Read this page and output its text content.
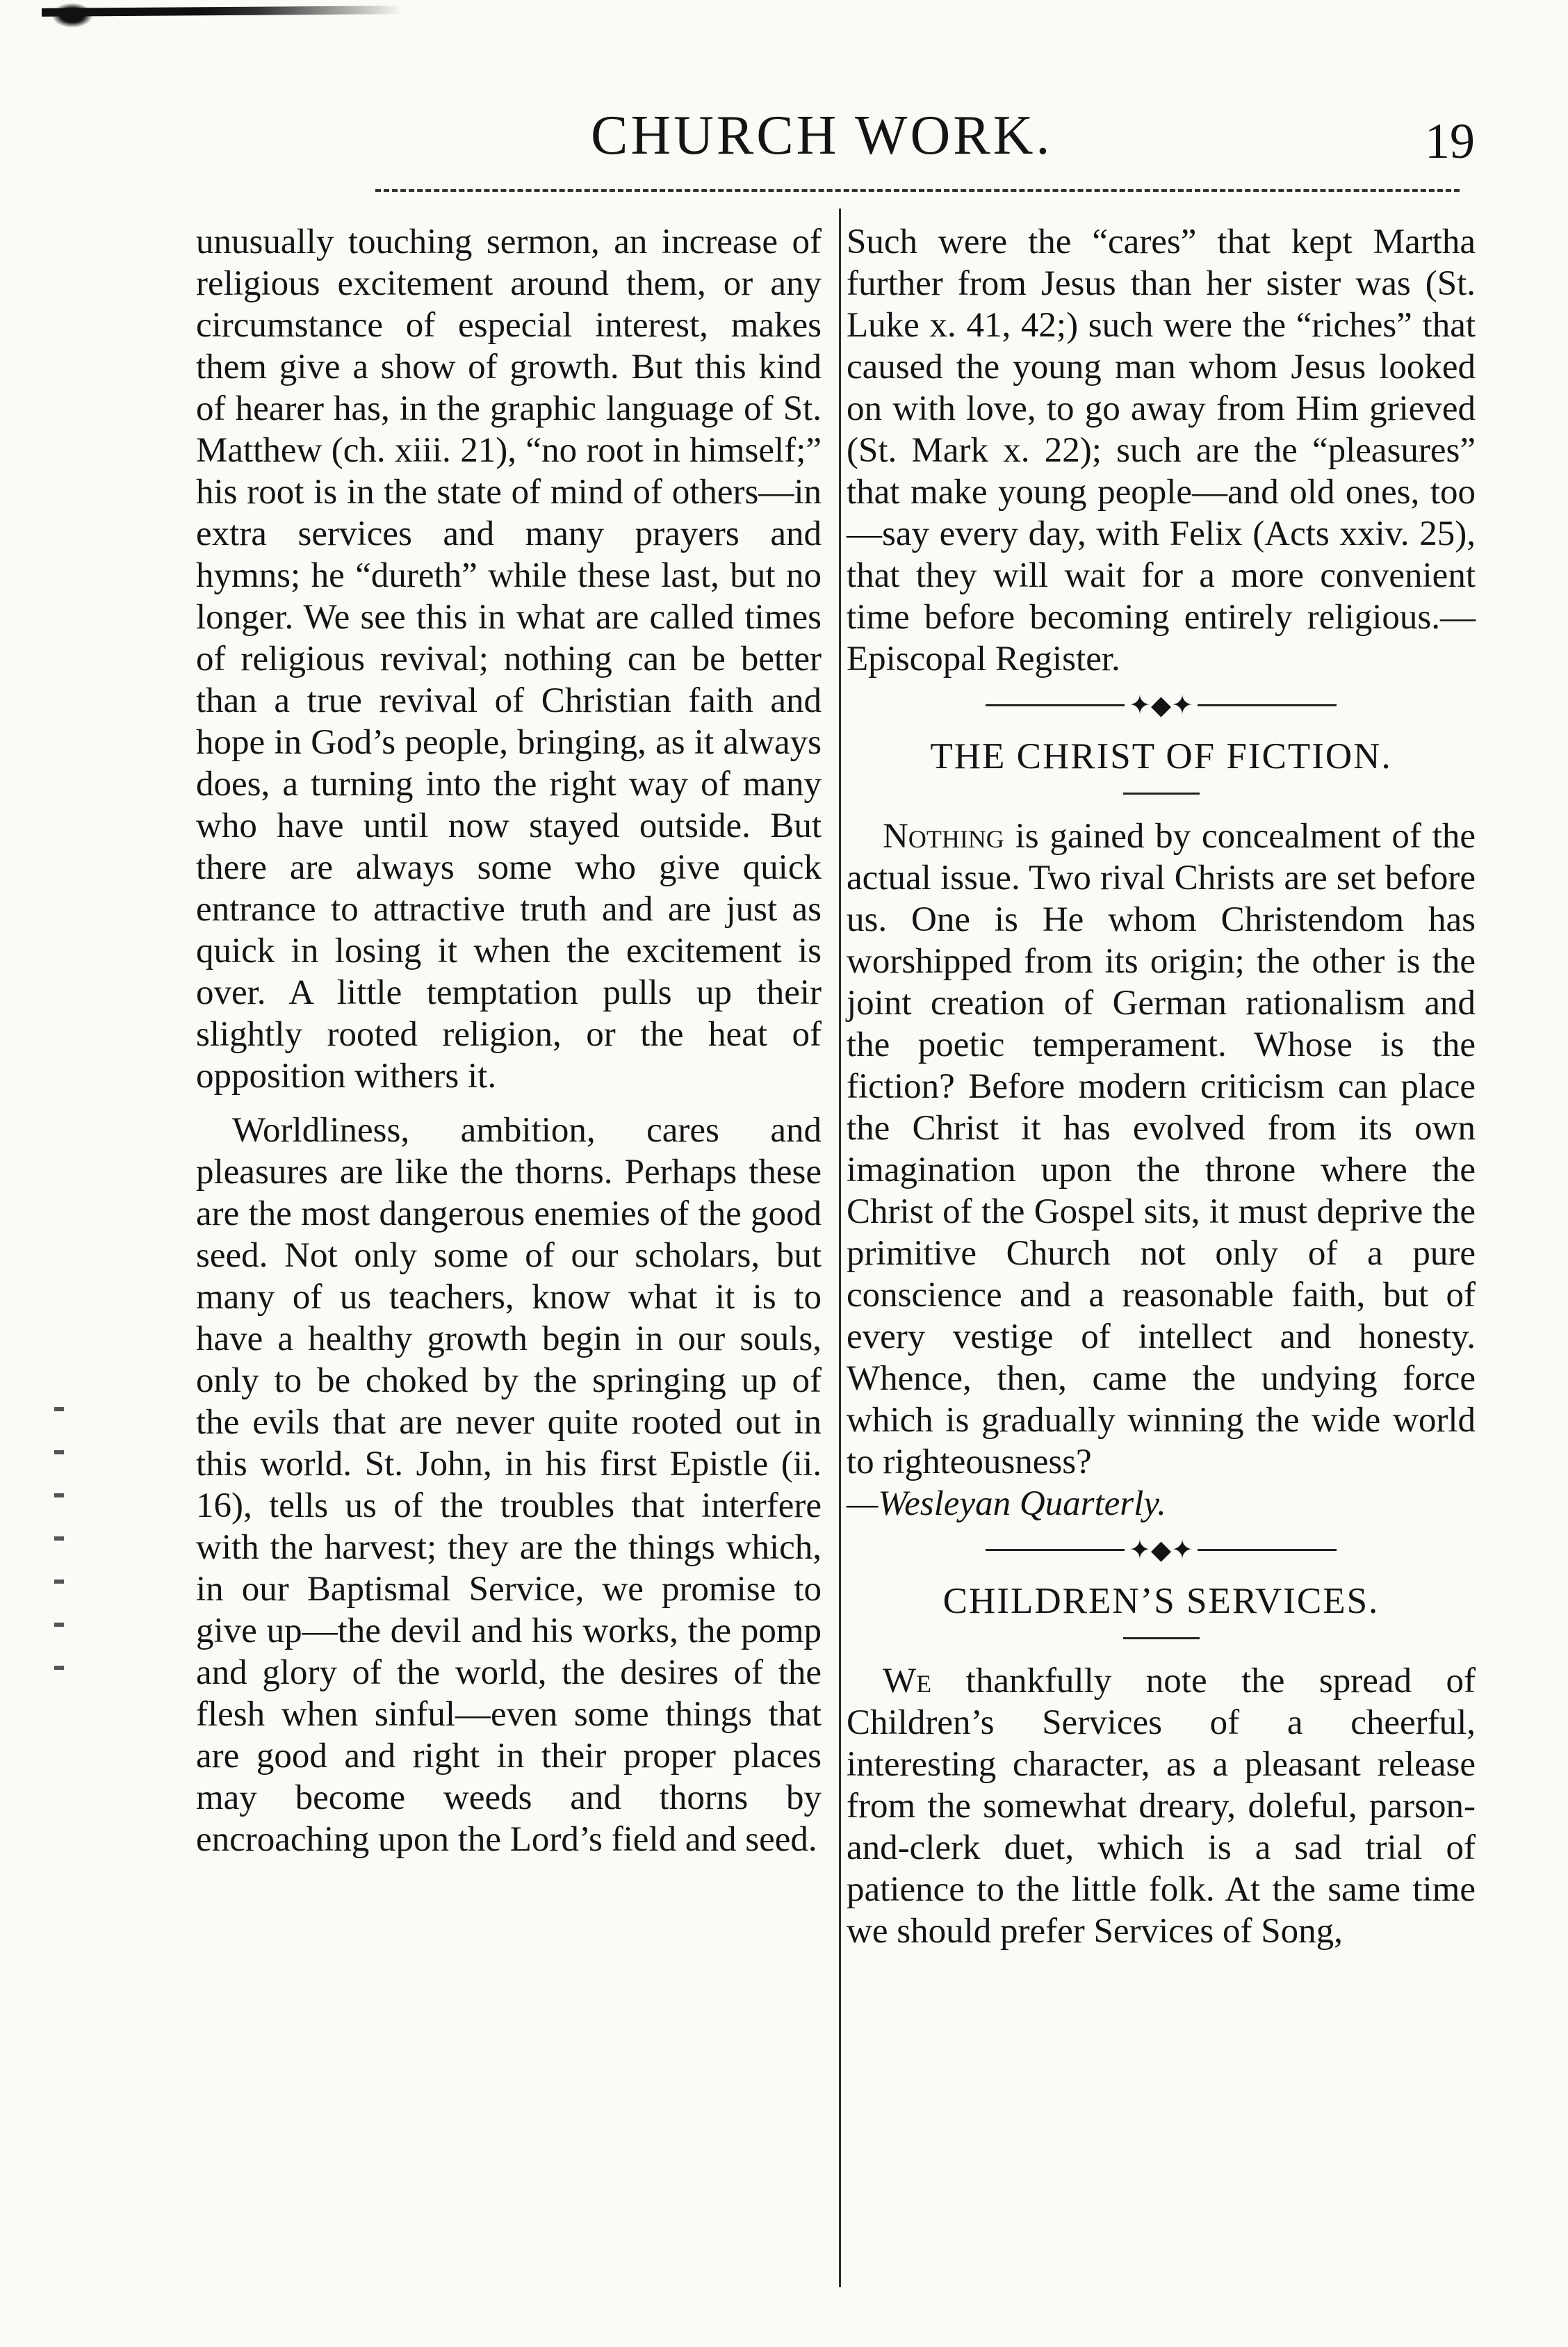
CHURCH WORK.	19

unusually touching sermon, an increase of religious excitement around them, or any circumstance of especial interest, makes them give a show of growth. But this kind of hearer has, in the graphic language of St. Matthew (ch. xiii. 21), “no root in himself;” his root is in the state of mind of others—in extra services and many prayers and hymns; he “dureth” while these last, but no longer. We see this in what are called times of religious revival; nothing can be better than a true revival of Christian faith and hope in God’s people, bringing, as it always does, a turning into the right way of many who have until now stayed outside. But there are always some who give quick entrance to attractive truth and are just as quick in losing it when the excitement is over. A little temptation pulls up their slightly rooted religion, or the heat of opposition withers it.

Worldliness, ambition, cares and pleasures are like the thorns. Perhaps these are the most dangerous enemies of the good seed. Not only some of our scholars, but many of us teachers, know what it is to have a healthy growth begin in our souls, only to be choked by the springing up of the evils that are never quite rooted out in this world. St. John, in his first Epistle (ii. 16), tells us of the troubles that interfere with the harvest; they are the things which, in our Baptismal Service, we promise to give up—the devil and his works, the pomp and glory of the world, the desires of the flesh when sinful—even some things that are good and right in their proper places may become weeds and thorns by encroaching upon the Lord’s field and seed.

Such were the “cares” that kept Martha further from Jesus than her sister was (St. Luke x. 41, 42;) such were the “riches” that caused the young man whom Jesus looked on with love, to go away from Him grieved (St. Mark x. 22); such are the “pleasures” that make young people—and old ones, too—say every day, with Felix (Acts xxiv. 25), that they will wait for a more convenient time before becoming entirely religious.—Episcopal Register.

✦◆✦
THE CHRIST OF FICTION.

Nothing is gained by concealment of the actual issue. Two rival Christs are set before us. One is He whom Christendom has worshipped from its origin; the other is the joint creation of German rationalism and the poetic temperament. Whose is the fiction? Before modern criticism can place the Christ it has evolved from its own imagination upon the throne where the Christ of the Gospel sits, it must deprive the primitive Church not only of a pure conscience and a reasonable faith, but of every vestige of intellect and honesty. Whence, then, came the undying force which is gradually winning the wide world to righteousness?

—Wesleyan Quarterly.

✦◆✦
CHILDREN’S SERVICES.

We thankfully note the spread of Children’s Services of a cheerful, interesting character, as a pleasant release from the somewhat dreary, doleful, parson-and-clerk duet, which is a sad trial of patience to the little folk. At the same time we should prefer Services of Song,
